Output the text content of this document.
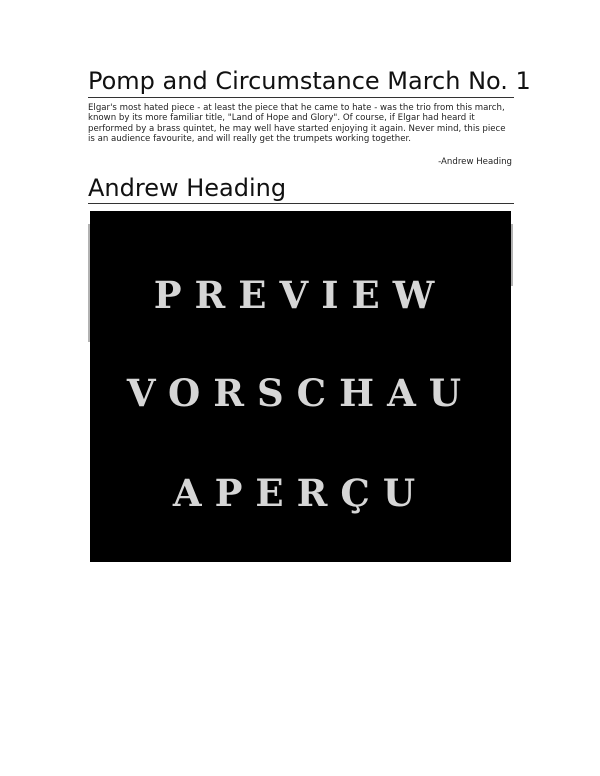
Pomp and Circumstance March No. 1

Elgar's most hated piece - at least the piece that he came to hate - was the trio from this march, known by its more familiar title, "Land of Hope and Glory". Of course, if Elgar had heard it performed by a brass quintet, he may well have started enjoying it again. Never mind, this piece is an audience favourite, and will really get the trumpets working together.

-Andrew Heading

Andrew Heading
PREVIEW
VORSCHAU
APERÇU
